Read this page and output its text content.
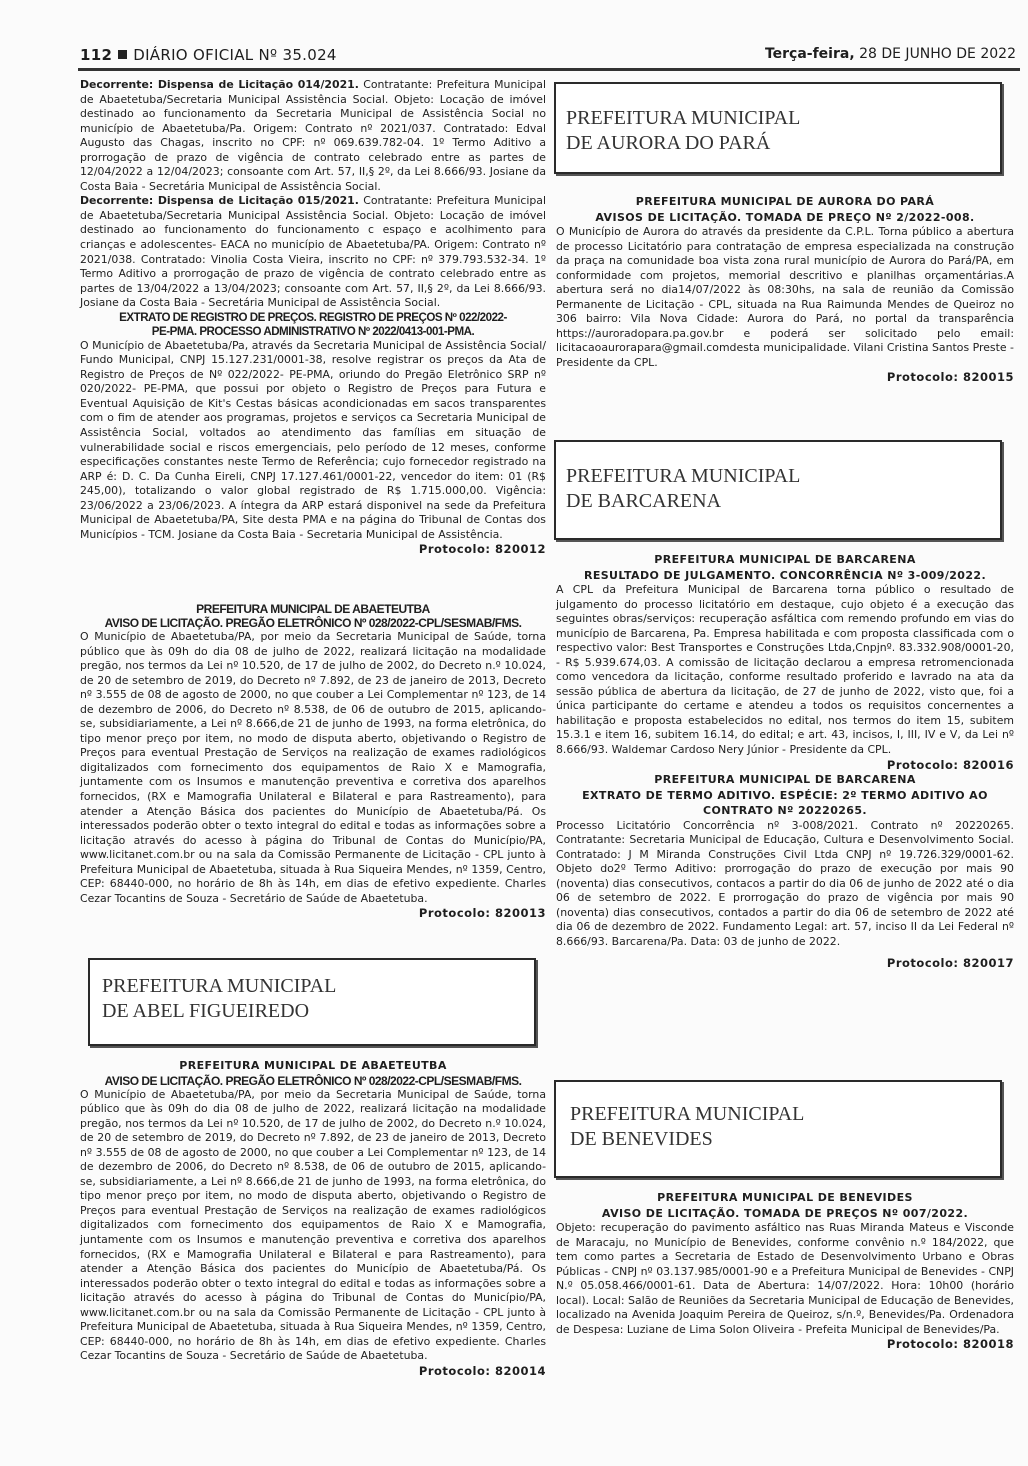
112 DIÁRIO OFICIAL Nº 35.024	Terça-feira, 28 DE JUNHO DE 2022

Decorrente: Dispensa de Licitação 014/2021. Contratante: Prefeitura Municipal de Abaetetuba/Secretaria Municipal Assistência Social. Objeto: Locação de imóvel destinado ao funcionamento da Secretaria Municipal de Assistência Social no município de Abaetetuba/Pa. Origem: Contrato nº 2021/037. Contratado: Edval Augusto das Chagas, inscrito no CPF: nº 069.639.782-04. 1º Termo Aditivo a prorrogação de prazo de vigência de contrato celebrado entre as partes de 12/04/2022 a 12/04/2023; consoante com Art. 57, II,§ 2º, da Lei 8.666/93. Josiane da Costa Baia - Secretária Municipal de Assistência Social.

Decorrente: Dispensa de Licitação 015/2021. Contratante: Prefeitura Municipal de Abaetetuba/Secretaria Municipal Assistência Social. Objeto: Locação de imóvel destinado ao funcionamento do funcionamento c espaço e acolhimento para crianças e adolescentes- EACA no município de Abaetetuba/PA. Origem: Contrato nº 2021/038. Contratado: Vinolia Costa Vieira, inscrito no CPF: nº 379.793.532-34. 1º Termo Aditivo a prorrogação de prazo de vigência de contrato celebrado entre as partes de 13/04/2022 a 13/04/2023; consoante com Art. 57, II,§ 2º, da Lei 8.666/93. Josiane da Costa Baia - Secretária Municipal de Assistência Social.

EXTRATO DE REGISTRO DE PREÇOS. REGISTRO DE PREÇOS Nº 022/2022-
PE-PMA. PROCESSO ADMINISTRATIVO Nº 2022/0413-001-PMA.

O Município de Abaetetuba/Pa, através da Secretaria Municipal de Assistência Social/ Fundo Municipal, CNPJ 15.127.231/0001-38, resolve registrar os preços da Ata de Registro de Preços de Nº 022/2022- PE-PMA, oriundo do Pregão Eletrônico SRP nº 020/2022- PE-PMA, que possui por objeto o Registro de Preços para Futura e Eventual Aquisição de Kit's Cestas básicas acondicionadas em sacos transparentes com o fim de atender aos programas, projetos e serviços ca Secretaria Municipal de Assistência Social, voltados ao atendimento das famílias em situação de vulnerabilidade social e riscos emergenciais, pelo período de 12 meses, conforme especificações constantes neste Termo de Referência; cujo fornecedor registrado na ARP é: D. C. Da Cunha Eireli, CNPJ 17.127.461/0001-22, vencedor do item: 01 (R$ 245,00), totalizando o valor global registrado de R$ 1.715.000,00. Vigência: 23/06/2022 a 23/06/2023. A íntegra da ARP estará disponivel na sede da Prefeitura Municipal de Abaetetuba/PA, Site desta PMA e na página do Tribunal de Contas dos Municípios - TCM. Josiane da Costa Baia - Secretaria Municipal de Assistência.

Protocolo: 820012
PREFEITURA MUNICIPAL DE ABAETEUTBA
AVISO DE LICITAÇÃO. PREGÃO ELETRÔNICO Nº 028/2022-CPL/SESMAB/FMS.

O Município de Abaetetuba/PA, por meio da Secretaria Municipal de Saúde, torna público que às 09h do dia 08 de julho de 2022, realizará licitação na modalidade pregão, nos termos da Lei nº 10.520, de 17 de julho de 2002, do Decreto n.º 10.024, de 20 de setembro de 2019, do Decreto nº 7.892, de 23 de janeiro de 2013, Decreto nº 3.555 de 08 de agosto de 2000, no que couber a Lei Complementar nº 123, de 14 de dezembro de 2006, do Decreto nº 8.538, de 06 de outubro de 2015, aplicando- se, subsidiariamente, a Lei nº 8.666,de 21 de junho de 1993, na forma eletrônica, do tipo menor preço por item, no modo de disputa aberto, objetivando o Registro de Preços para eventual Prestação de Serviços na realização de exames radiológicos digitalizados com fornecimento dos equipamentos de Raio X e Mamografia, juntamente com os Insumos e manutenção preventiva e corretiva dos aparelhos fornecidos, (RX e Mamografia Unilateral e Bilateral e para Rastreamento), para atender a Atenção Básica dos pacientes do Município de Abaetetuba/Pá. Os interessados poderão obter o texto integral do edital e todas as informações sobre a licitação através do acesso à página do Tribunal de Contas do Município/PA, www.licitanet.com.br ou na sala da Comissão Permanente de Licitação - CPL junto à Prefeitura Municipal de Abaetetuba, situada à Rua Siqueira Mendes, nº 1359, Centro, CEP: 68440-000, no horário de 8h às 14h, em dias de efetivo expediente. Charles Cezar Tocantins de Souza - Secretário de Saúde de Abaetetuba.

Protocolo: 820013
PREFEITURA MUNICIPAL
DE ABEL FIGUEIREDO
PREFEITURA MUNICIPAL DE ABAETEUTBA
AVISO DE LICITAÇÃO. PREGÃO ELETRÔNICO Nº 028/2022-CPL/SESMAB/FMS.

O Município de Abaetetuba/PA, por meio da Secretaria Municipal de Saúde, torna público que às 09h do dia 08 de julho de 2022, realizará licitação na modalidade pregão, nos termos da Lei nº 10.520, de 17 de julho de 2002, do Decreto n.º 10.024, de 20 de setembro de 2019, do Decreto nº 7.892, de 23 de janeiro de 2013, Decreto nº 3.555 de 08 de agosto de 2000, no que couber a Lei Complementar nº 123, de 14 de dezembro de 2006, do Decreto nº 8.538, de 06 de outubro de 2015, aplicando- se, subsidiariamente, a Lei nº 8.666,de 21 de junho de 1993, na forma eletrônica, do tipo menor preço por item, no modo de disputa aberto, objetivando o Registro de Preços para eventual Prestação de Serviços na realização de exames radiológicos digitalizados com fornecimento dos equipamentos de Raio X e Mamografia, juntamente com os Insumos e manutenção preventiva e corretiva dos aparelhos fornecidos, (RX e Mamografia Unilateral e Bilateral e para Rastreamento), para atender a Atenção Básica dos pacientes do Município de Abaetetuba/Pá. Os interessados poderão obter o texto integral do edital e todas as informações sobre a licitação através do acesso à página do Tribunal de Contas do Município/PA, www.licitanet.com.br ou na sala da Comissão Permanente de Licitação - CPL junto à Prefeitura Municipal de Abaetetuba, situada à Rua Siqueira Mendes, nº 1359, Centro, CEP: 68440-000, no horário de 8h às 14h, em dias de efetivo expediente. Charles Cezar Tocantins de Souza - Secretário de Saúde de Abaetetuba.

Protocolo: 820014
PREFEITURA MUNICIPAL
DE AURORA DO PARÁ
PREFEITURA MUNICIPAL DE AURORA DO PARÁ
AVISOS DE LICITAÇÃO. TOMADA DE PREÇO Nº 2/2022-008.

O Município de Aurora do através da presidente da C.P.L. Torna público a abertura de processo Licitatório para contratação de empresa especializada na construção da praça na comunidade boa vista zona rural município de Aurora do Pará/PA, em conformidade com projetos, memorial descritivo e planilhas orçamentárias.A abertura será no dia14/07/2022 às 08:30hs, na sala de reunião da Comissão Permanente de Licitação - CPL, situada na Rua Raimunda Mendes de Queiroz no 306 bairro: Vila Nova Cidade: Aurora do Pará, no portal da transparência https://auroradopara.pa.gov.br e poderá ser solicitado pelo email: licitacaoaurorapara@gmail.comdesta municipalidade. Vilani Cristina Santos Preste - Presidente da CPL.

Protocolo: 820015
PREFEITURA MUNICIPAL
DE BARCARENA
PREFEITURA MUNICIPAL DE BARCARENA
RESULTADO DE JULGAMENTO. CONCORRÊNCIA Nº 3-009/2022.

A CPL da Prefeitura Municipal de Barcarena torna público o resultado de julgamento do processo licitatório em destaque, cujo objeto é a execução das seguintes obras/serviços: recuperação asfáltica com remendo profundo em vias do município de Barcarena, Pa. Empresa habilitada e com proposta classificada com o respectivo valor: Best Transportes e Construções Ltda,Cnpjnº. 83.332.908/0001-20, - R$ 5.939.674,03. A comissão de licitação declarou a empresa retromencionada como vencedora da licitação, conforme resultado proferido e lavrado na ata da sessão pública de abertura da licitação, de 27 de junho de 2022, visto que, foi a única participante do certame e atendeu a todos os requisitos concernentes a habilitação e proposta estabelecidos no edital, nos termos do item 15, subitem 15.3.1 e item 16, subitem 16.14, do edital; e art. 43, incisos, I, III, IV e V, da Lei nº 8.666/93. Waldemar Cardoso Nery Júnior - Presidente da CPL.

Protocolo: 820016
PREFEITURA MUNICIPAL DE BARCARENA
EXTRATO DE TERMO ADITIVO. ESPÉCIE: 2º TERMO ADITIVO AO
CONTRATO Nº 20220265.

Processo Licitatório Concorrência nº 3-008/2021. Contrato nº 20220265. Contratante: Secretaria Municipal de Educação, Cultura e Desenvolvimento Social. Contratado: J M Miranda Construções Civil Ltda CNPJ nº 19.726.329/0001-62. Objeto do2º Termo Aditivo: prorrogação do prazo de execução por mais 90 (noventa) dias consecutivos, contacos a partir do dia 06 de junho de 2022 até o dia 06 de setembro de 2022. E prorrogação do prazo de vigência por mais 90 (noventa) dias consecutivos, contados a partir do dia 06 de setembro de 2022 até dia 06 de dezembro de 2022. Fundamento Legal: art. 57, inciso II da Lei Federal nº 8.666/93. Barcarena/Pa. Data: 03 de junho de 2022.

Protocolo: 820017
PREFEITURA MUNICIPAL
DE BENEVIDES
PREFEITURA MUNICIPAL DE BENEVIDES
AVISO DE LICITAÇÃO. TOMADA DE PREÇOS Nº 007/2022.

Objeto: recuperação do pavimento asfáltico nas Ruas Miranda Mateus e Visconde de Maracaju, no Município de Benevides, conforme convênio n.º 184/2022, que tem como partes a Secretaria de Estado de Desenvolvimento Urbano e Obras Públicas - CNPJ nº 03.137.985/0001-90 e a Prefeitura Municipal de Benevides - CNPJ N.º 05.058.466/0001-61. Data de Abertura: 14/07/2022. Hora: 10h00 (horário local). Local: Salão de Reuniões da Secretaria Municipal de Educação de Benevides, localizado na Avenida Joaquim Pereira de Queiroz, s/n.º, Benevides/Pa. Ordenadora de Despesa: Luziane de Lima Solon Oliveira - Prefeita Municipal de Benevides/Pa.

Protocolo: 820018
